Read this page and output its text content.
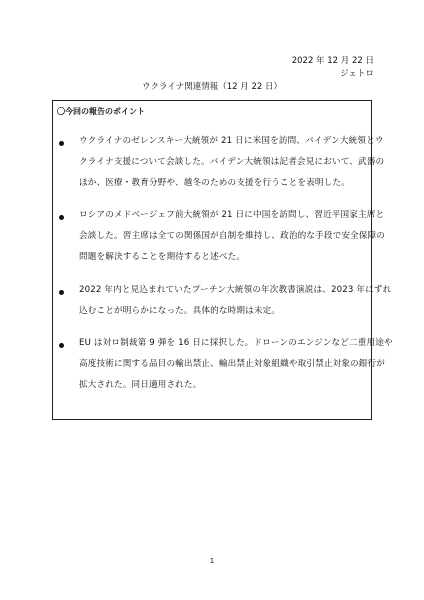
2022 年 12 月 22 日
ジェトロ
ウクライナ関連情報（12 月 22 日）
〇今回の報告のポイント
ウクライナのゼレンスキー大統領が 21 日に米国を訪問、バイデン大統領とウ
クライナ支援について会談した。バイデン大統領は記者会見において、武器の
ほか、医療・教育分野や、越冬のための支援を行うことを表明した。
ロシアのメドベージェフ前大統領が 21 日に中国を訪問し、習近平国家主席と
会談した。習主席は全ての関係国が自制を維持し、政治的な手段で安全保障の
問題を解決することを期待すると述べた。
2022 年内と見込まれていたプーチン大統領の年次教書演説は、2023 年にずれ
込むことが明らかになった。具体的な時期は未定。
EU は対ロ制裁第 9 弾を 16 日に採択した。ドローンのエンジンなど二重用途や
高度技術に関する品目の輸出禁止、輸出禁止対象組織や取引禁止対象の銀行が
拡大された。同日適用された。
1
